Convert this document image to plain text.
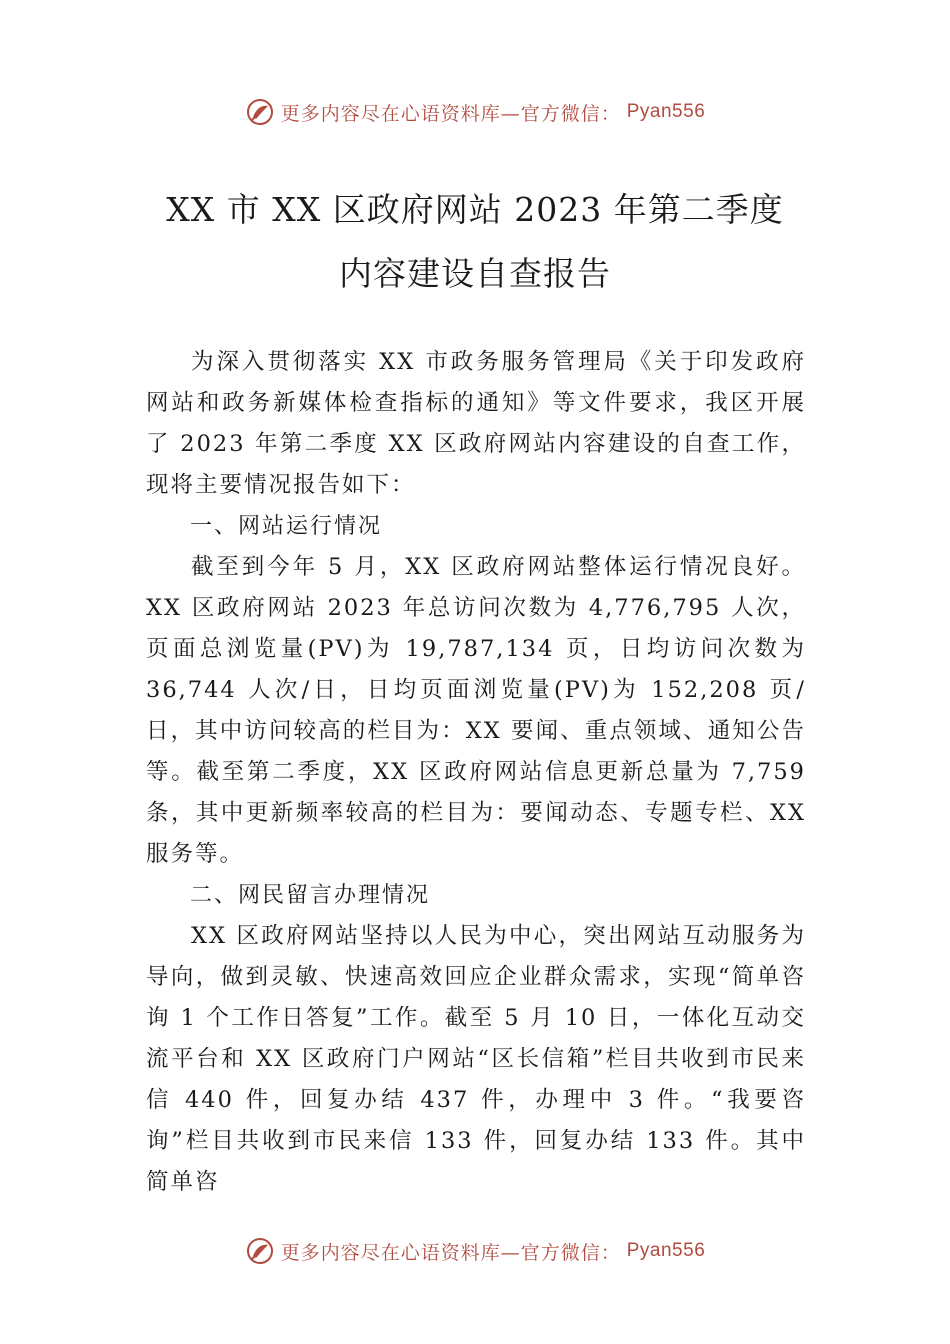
更多内容尽在心语资料库—官方微信： Pyan556
XX 市 XX 区政府网站 2023 年第二季度
内容建设自查报告

为深入贯彻落实 XX 市政务服务管理局《关于印发政府网站和政务新媒体检查指标的通知》等文件要求，我区开展了 2023 年第二季度 XX 区政府网站内容建设的自查工作，现将主要情况报告如下：

一、网站运行情况

截至到今年 5 月，XX 区政府网站整体运行情况良好。XX 区政府网站 2023 年总访问次数为 4,776,795 人次，页面总浏览量(PV)为 19,787,134 页，日均访问次数为 36,744 人次/日，日均页面浏览量(PV)为 152,208 页/日，其中访问较高的栏目为：XX 要闻、重点领域、通知公告等。截至第二季度，XX 区政府网站信息更新总量为 7,759 条，其中更新频率较高的栏目为：要闻动态、专题专栏、XX 服务等。

二、网民留言办理情况

XX 区政府网站坚持以人民为中心，突出网站互动服务为导向，做到灵敏、快速高效回应企业群众需求，实现“简单咨询 1 个工作日答复”工作。截至 5 月 10 日，一体化互动交流平台和 XX 区政府门户网站“区长信箱”栏目共收到市民来信 440 件，回复办结 437 件，办理中 3 件。“我要咨询”栏目共收到市民来信 133 件，回复办结 133 件。其中简单咨

更多内容尽在心语资料库—官方微信： Pyan556
